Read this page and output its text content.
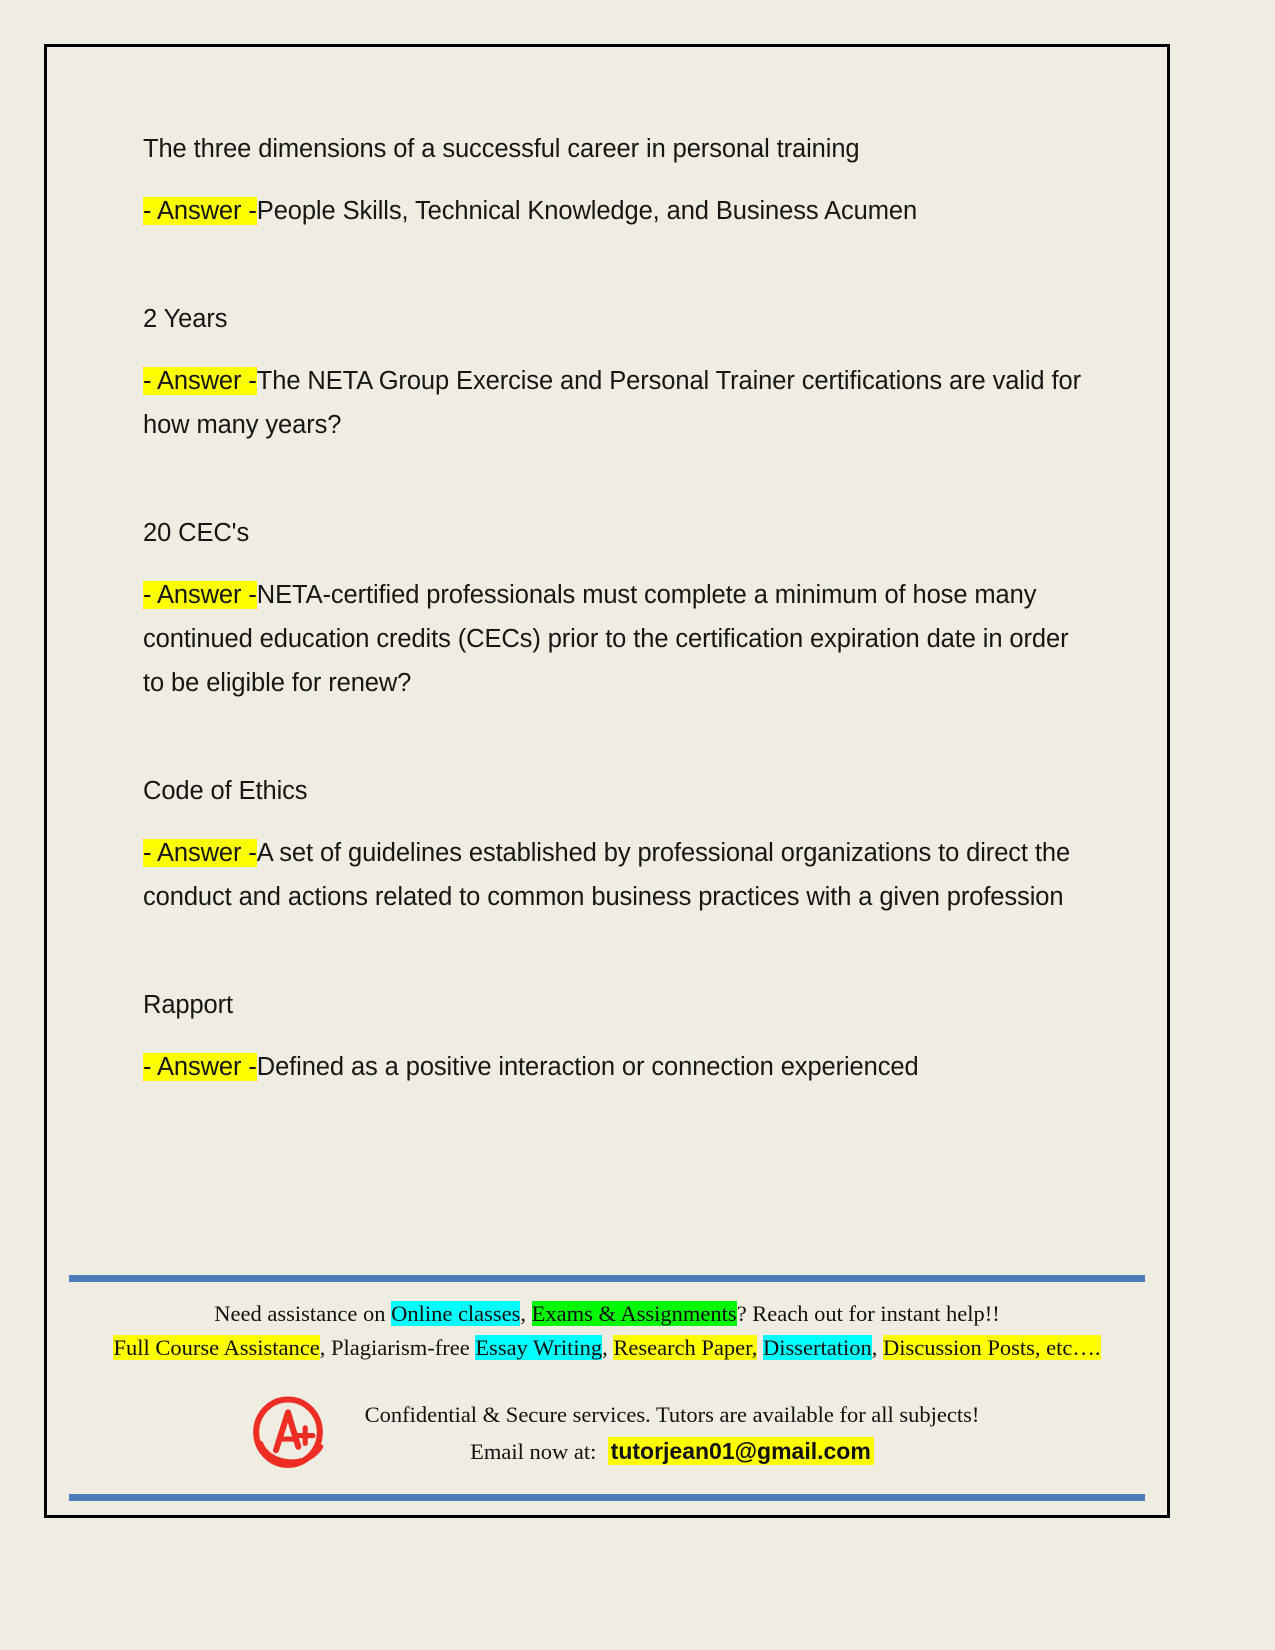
The three dimensions of a successful career in personal training
- Answer -People Skills, Technical Knowledge, and Business Acumen
2 Years
- Answer -The NETA Group Exercise and Personal Trainer certifications are valid for how many years?
20 CEC's
- Answer -NETA-certified professionals must complete a minimum of hose many continued education credits (CECs) prior to the certification expiration date in order to be eligible for renew?
Code of Ethics
- Answer -A set of guidelines established by professional organizations to direct the conduct and actions related to common business practices with a given profession
Rapport
- Answer -Defined as a positive interaction or connection experienced
Need assistance on Online classes, Exams & Assignments? Reach out for instant help!!
Full Course Assistance, Plagiarism-free Essay Writing, Research Paper, Dissertation, Discussion Posts, etc….
Confidential & Secure services. Tutors are available for all subjects!
Email now at: tutorjean01@gmail.com
